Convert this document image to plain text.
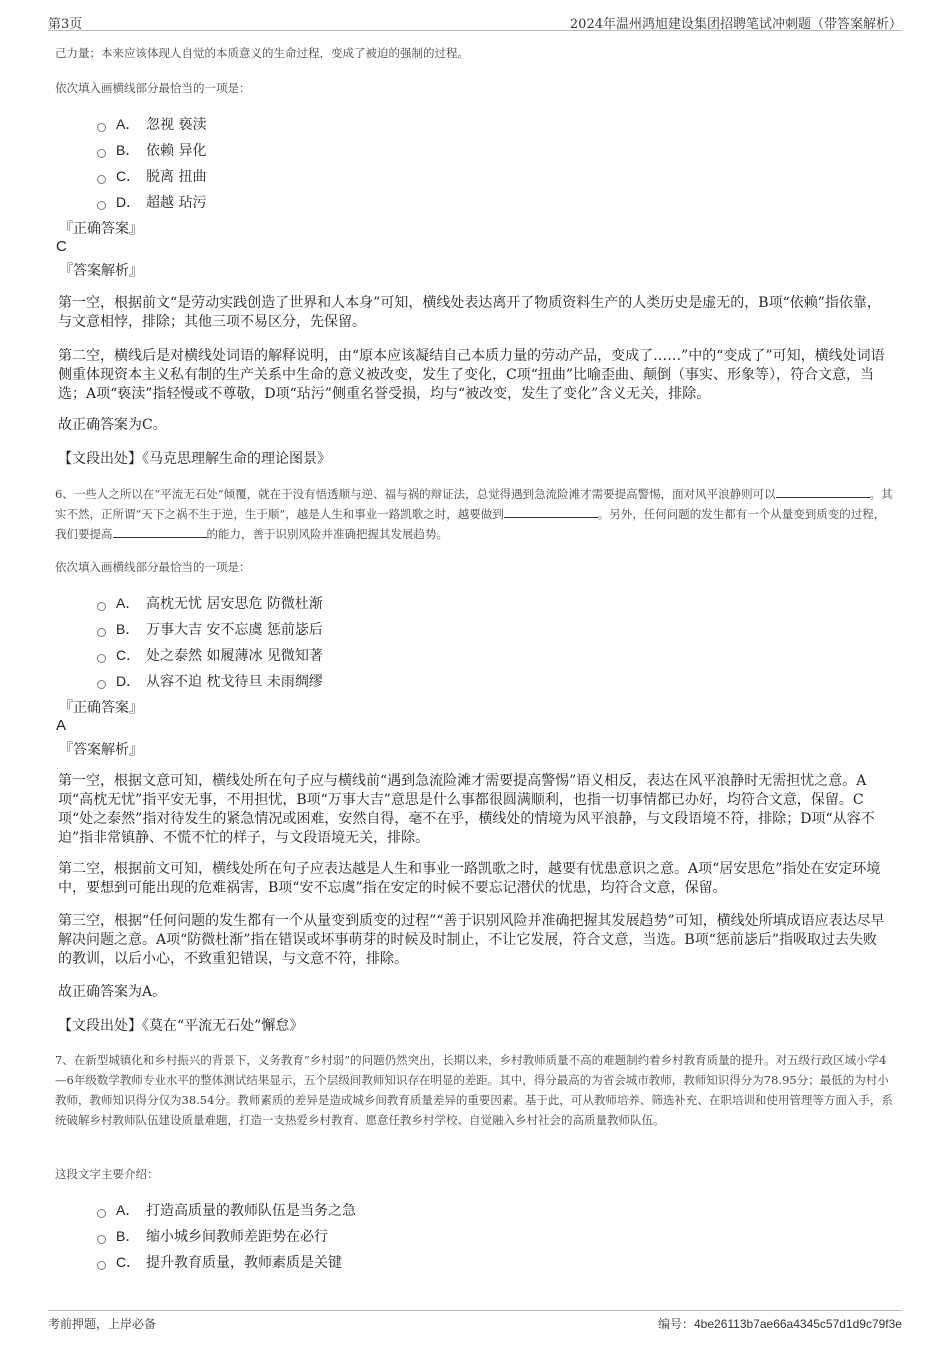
第3页	2024年温州鸿旭建设集团招聘笔试冲刺题（带答案解析）
己力量；本来应该体现人自觉的本质意义的生命过程，变成了被迫的强制的过程。
依次填入画横线部分最恰当的一项是：
A． 忽视 亵渎
B． 依赖 异化
C． 脱离 扭曲
D． 超越 玷污
『正确答案』
C
『答案解析』
第一空，根据前文“是劳动实践创造了世界和人本身”可知，横线处表达离开了物质资料生产的人类历史是虚无的，B项“依赖”指依靠，与文意相悖，排除；其他三项不易区分，先保留。
第二空，横线后是对横线处词语的解释说明，由“原本应该凝结自己本质力量的劳动产品，变成了……”中的“变成了”可知，横线处词语侧重体现资本主义私有制的生产关系中生命的意义被改变，发生了变化，C项“扭曲”比喻歪曲、颠倒（事实、形象等），符合文意，当选；A项“亵渎”指轻慢或不尊敬，D项“玷污”侧重名誉受损，均与“被改变，发生了变化”含义无关，排除。
故正确答案为C。
【文段出处】《马克思理解生命的理论图景》
6、一些人之所以在“平流无石处”倾覆，就在于没有悟透顺与逆、福与祸的辩证法，总觉得遇到急流险滩才需要提高警惕，面对风平浪静则可以	。其实不然，正所谓“天下之祸不生于逆，生于顺”，越是人生和事业一路凯歌之时，越要做到	。另外，任何问题的发生都有一个从量变到质变的过程，我们要提高	的能力，善于识别风险并准确把握其发展趋势。
依次填入画横线部分最恰当的一项是：
A． 高枕无忧 居安思危 防微杜渐
B． 万事大吉 安不忘虞 惩前毖后
C． 处之泰然 如履薄冰 见微知著
D． 从容不迫 枕戈待旦 未雨绸缪
『正确答案』
A
『答案解析』
第一空，根据文意可知，横线处所在句子应与横线前“遇到急流险滩才需要提高警惕”语义相反，表达在风平浪静时无需担忧之意。A项“高枕无忧”指平安无事，不用担忧，B项“万事大吉”意思是什么事都很圆满顺利，也指一切事情都已办好，均符合文意，保留。C项“处之泰然”指对待发生的紧急情况或困难，安然自得，毫不在乎，横线处的情境为风平浪静，与文段语境不符，排除；D项“从容不迫”指非常镇静、不慌不忙的样子，与文段语境无关，排除。
第二空，根据前文可知，横线处所在句子应表达越是人生和事业一路凯歌之时，越要有忧患意识之意。A项“居安思危”指处在安定环境中，要想到可能出现的危难祸害，B项“安不忘虞”指在安定的时候不要忘记潜伏的忧患，均符合文意，保留。
第三空，根据“任何问题的发生都有一个从量变到质变的过程”“善于识别风险并准确把握其发展趋势”可知，横线处所填成语应表达尽早解决问题之意。A项“防微杜渐”指在错误或坏事萌芽的时候及时制止，不让它发展，符合文意，当选。B项“惩前毖后”指吸取过去失败的教训，以后小心，不致重犯错误，与文意不符，排除。
故正确答案为A。
【文段出处】《莫在“平流无石处”懈怠》
7、在新型城镇化和乡村振兴的背景下，义务教育“乡村弱”的问题仍然突出，长期以来，乡村教师质量不高的难题制约着乡村教育质量的提升。对五级行政区域小学4—6年级数学教师专业水平的整体测试结果显示，五个层级间教师知识存在明显的差距。其中，得分最高的为省会城市教师，教师知识得分为78.95分；最低的为村小教师，教师知识得分仅为38.54分。教师素质的差异是造成城乡间教育质量差异的重要因素。基于此，可从教师培养、筛选补充、在职培训和使用管理等方面入手，系统破解乡村教师队伍建设质量难题，打造一支热爱乡村教育、愿意任教乡村学校、自觉融入乡村社会的高质量教师队伍。
这段文字主要介绍：
A． 打造高质量的教师队伍是当务之急
B． 缩小城乡间教师差距势在必行
C． 提升教育质量，教师素质是关键
考前押题，上岸必备	编号：4be26113b7ae66a4345c57d1d9c79f3e
